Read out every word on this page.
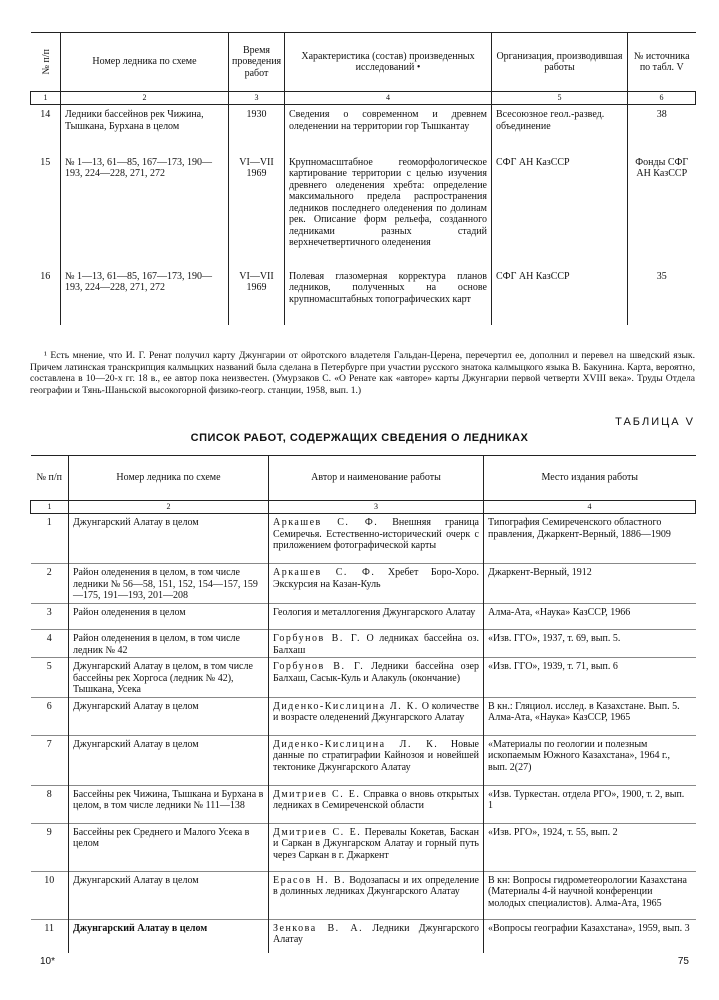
№ п/п	Номер ледника по схеме	Время проведения работ	Характеристика (состав) произведенных исследований •	Организация, производившая работы	№ источника по табл. V
1	2	3	4	5	6
14	Ледники бассейнов рек Чижина, Тышкана, Бурхана в целом	1930	Сведения о современном и древнем оледенении на территории гор Тышкантау	Всесоюзное геол.-развед. объединение	38
15	№ 1—13, 61—85, 167—173, 190—193, 224—228, 271, 272	VI—VII 1969	Крупномасштабное геоморфологическое картирование территории с целью изучения древнего оледенения хребта: определение максимального предела распространения ледников последнего оледенения по долинам рек. Описание форм рельефа, созданного ледниками разных стадий верхнечетвертичного оледенения	СФГ АН КазССР	Фонды СФГ АН КазССР
16	№ 1—13, 61—85, 167—173, 190—193, 224—228, 271, 272	VI—VII 1969	Полевая глазомерная корректура планов ледников, полученных на основе крупномасштабных топографических карт	СФГ АН КазССР	35

¹ Есть мнение, что И. Г. Ренат получил карту Джунгарии от ойротского владетеля Гальдан-Церена, перечертил ее, дополнил и перевел на шведский язык. Причем латинская транскрипция калмыцких названий была сделана в Петербурге при участии русского знатока калмыцкого языка В. Бакунина. Карта, вероятно, составлена в 10—20-х гг. 18 в., ее автор пока неизвестен. (Умурзаков С. «О Ренате как «авторе» карты Джунгарии первой четверти XVIII века». Труды Отдела географии и Тянь-Шаньской высокогорной физико-геогр. станции, 1958, вып. 1.)

ТАБЛИЦА V

СПИСОК РАБОТ, СОДЕРЖАЩИХ СВЕДЕНИЯ О ЛЕДНИКАХ

№ п/п	Номер ледника по схеме	Автор и наименование работы	Место издания работы
1	2	3	4
1	Джунгарский Алатау в целом	Аркашев С. Ф. Внешняя граница Семиречья. Естественно-исторический очерк с приложением фотографической карты	Типография Семиреченского областного правления, Джаркент-Верный, 1886—1909
2	Район оледенения в целом, в том числе ледники № 56—58, 151, 152, 154—157, 159—175, 191—193, 201—208	Аркашев С. Ф. Хребет Боро-Хоро. Экскурсия на Казан-Куль	Джаркент-Верный, 1912
3	Район оледенения в целом	Геология и металлогения Джунгарского Алатау	Алма-Ата, «Наука» КазССР, 1966
4	Район оледенения в целом, в том числе ледник № 42	Горбунов В. Г. О ледниках бассейна оз. Балхаш	«Изв. ГГО», 1937, т. 69, вып. 5.
5	Джунгарский Алатау в целом, в том числе бассейны рек Хоргоса (ледник № 42), Тышкана, Усека	Горбунов В. Г. Ледники бассейна озер Балхаш, Сасык-Куль и Алакуль (окончание)	«Изв. ГГО», 1939, т. 71, вып. 6
6	Джунгарский Алатау в целом	Диденко-Кислицина Л. К. О количестве и возрасте оледенений Джунгарского Алатау	В кн.: Гляциол. исслед. в Казахстане. Вып. 5. Алма-Ата, «Наука» КазССР, 1965
7	Джунгарский Алатау в целом	Диденко-Кислицина Л. К. Новые данные по стратиграфии Кайнозоя и новейшей тектонике Джунгарского Алатау	«Материалы по геологии и полезным ископаемым Южного Казахстана», 1964 г., вып. 2(27)
8	Бассейны рек Чижина, Тышкана и Бурхана в целом, в том числе ледники № 111—138	Дмитриев С. Е. Справка о вновь открытых ледниках в Семиреченской области	«Изв. Туркестан. отдела РГО», 1900, т. 2, вып. 1
9	Бассейны рек Среднего и Малого Усека в целом	Дмитриев С. Е. Перевалы Кокетав, Баскан и Саркан в Джунгарском Алатау и горный путь через Саркан в г. Джаркент	«Изв. РГО», 1924, т. 55, вып. 2
10	Джунгарский Алатау в целом	Ерасов Н. В. Водозапасы и их определение в долинных ледниках Джунгарского Алатау	В кн: Вопросы гидрометеорологии Казахстана (Материалы 4-й научной конференции молодых специалистов). Алма-Ата, 1965
11	Джунгарский Алатау в целом	Зенкова В. А. Ледники Джунгарского Алатау	«Вопросы географии Казахстана», 1959, вып. 3

10*	75
